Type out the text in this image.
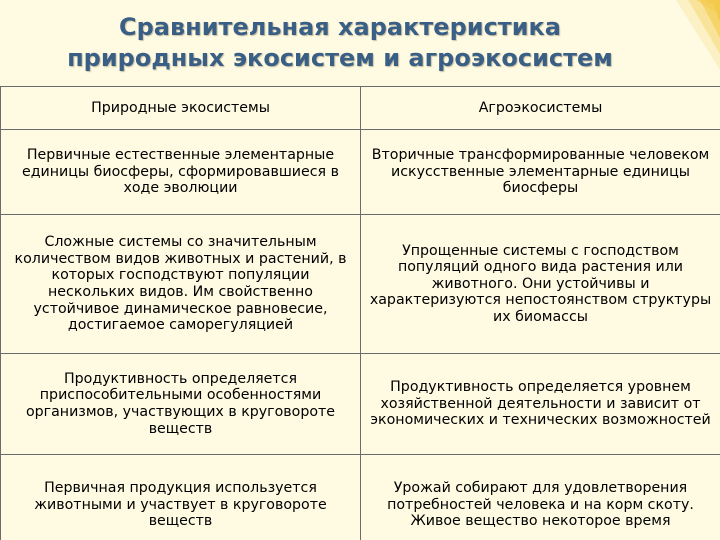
Сравнительная характеристика
природных экосистем и агроэкосистем
Природные экосистемы	Агроэкосистемы
Первичные естественные элементарные единицы биосферы, сформировавшиеся в ходе эволюции	Вторичные трансформированные человеком искусственные элементарные единицы биосферы
Сложные системы со значительным количеством видов животных и растений, в которых господствуют популяции нескольких видов. Им свойственно устойчивое динамическое равновесие, достигаемое саморегуляцией	Упрощенные системы с господством популяций одного вида растения или животного. Они устойчивы и характеризуются непостоянством структуры их биомассы
Продуктивность определяется приспособительными особенностями организмов, участвующих в круговороте веществ	Продуктивность определяется уровнем хозяйственной деятельности и зависит от экономических и технических возможностей
Первичная продукция используется животными и участвует в круговороте веществ	Урожай собирают для удовлетворения потребностей человека и на корм скоту. Живое вещество некоторое время
